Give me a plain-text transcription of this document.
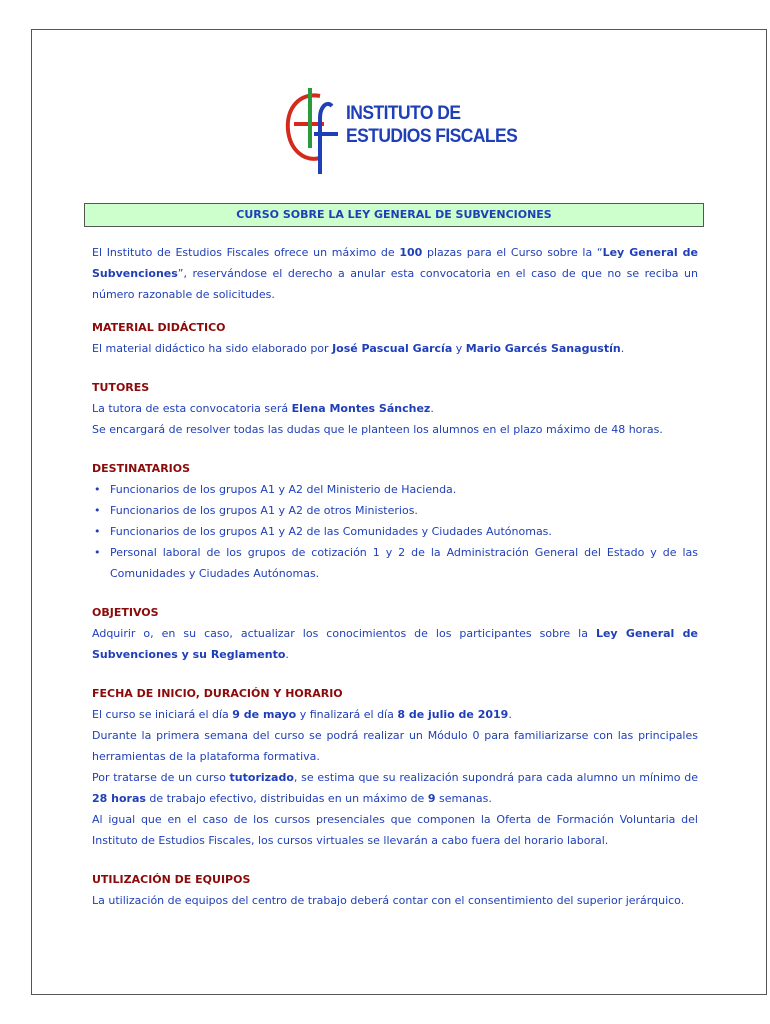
INSTITUTO DE
ESTUDIOS FISCALES
CURSO SOBRE LA LEY GENERAL DE SUBVENCIONES

El Instituto de Estudios Fiscales ofrece un máximo de 100 plazas para el Curso sobre la “Ley General de Subvenciones”, reservándose el derecho a anular esta convocatoria en el caso de que no se reciba un número razonable de solicitudes.

MATERIAL DIDÁCTICO

El material didáctico ha sido elaborado por José Pascual García y Mario Garcés Sanagustín.

TUTORES

La tutora de esta convocatoria será Elena Montes Sánchez.

Se encargará de resolver todas las dudas que le planteen los alumnos en el plazo máximo de 48 horas.

DESTINATARIOS
• Funcionarios de los grupos A1 y A2 del Ministerio de Hacienda.
• Funcionarios de los grupos A1 y A2 de otros Ministerios.
• Funcionarios de los grupos A1 y A2 de las Comunidades y Ciudades Autónomas.
• Personal laboral de los grupos de cotización 1 y 2 de la Administración General del Estado y de las Comunidades y Ciudades Autónomas.
OBJETIVOS

Adquirir o, en su caso, actualizar los conocimientos de los participantes sobre la Ley General de Subvenciones y su Reglamento.

FECHA DE INICIO, DURACIÓN Y HORARIO

El curso se iniciará el día 9 de mayo y finalizará el día 8 de julio de 2019.

Durante la primera semana del curso se podrá realizar un Módulo 0 para familiarizarse con las principales herramientas de la plataforma formativa.

Por tratarse de un curso tutorizado, se estima que su realización supondrá para cada alumno un mínimo de 28 horas de trabajo efectivo, distribuidas en un máximo de 9 semanas.

Al igual que en el caso de los cursos presenciales que componen la Oferta de Formación Voluntaria del Instituto de Estudios Fiscales, los cursos virtuales se llevarán a cabo fuera del horario laboral.

UTILIZACIÓN DE EQUIPOS

La utilización de equipos del centro de trabajo deberá contar con el consentimiento del superior jerárquico.
